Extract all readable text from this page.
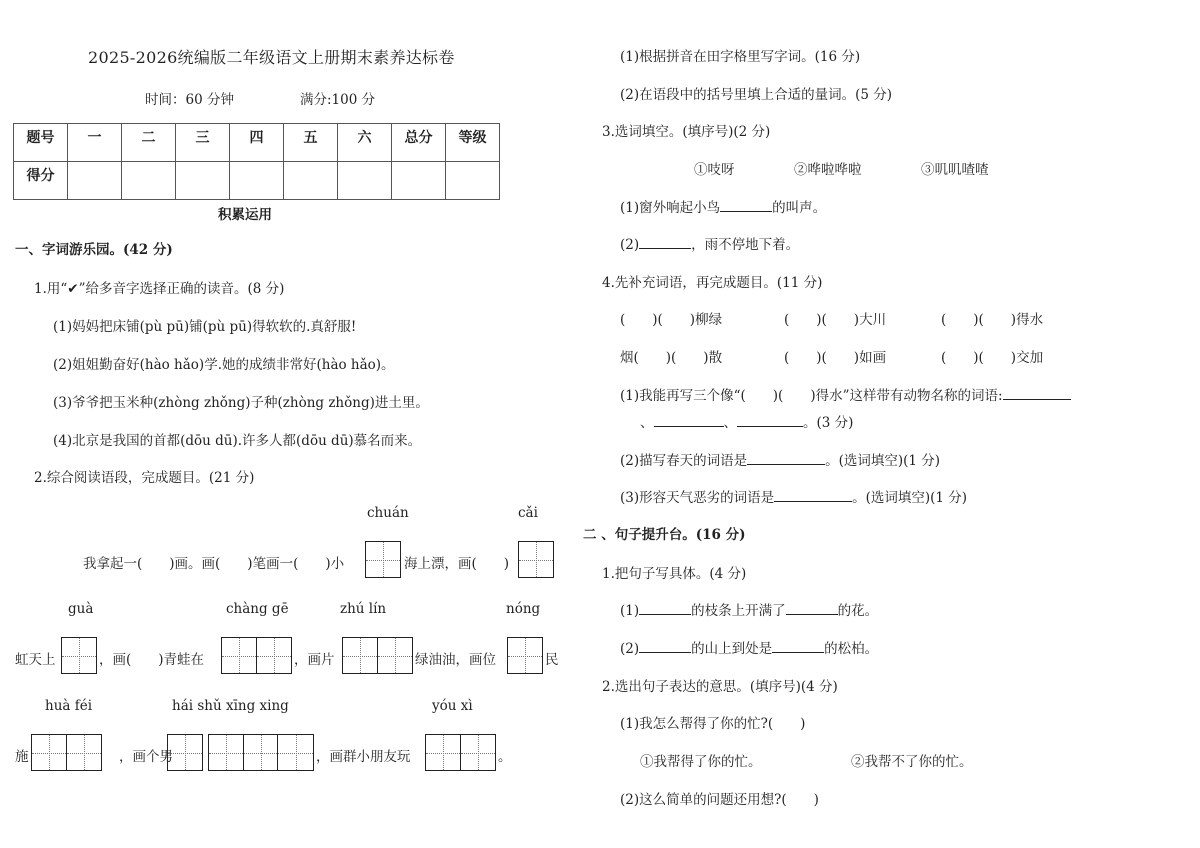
2025-2026统编版二年级语文上册期末素养达标卷
时间：60 分钟	满分:100 分
题号	一	二	三	四	五	六	总分	等级
得分								
积累运用
一、字词游乐园。(42 分)
1.用“✔”给多音字选择正确的读音。(8 分)
(1)妈妈把床铺(pù pū)铺(pù pū)得软软的.真舒服!
(2)姐姐勤奋好(hào hǎo)学.她的成绩非常好(hào hǎo)。
(3)爷爷把玉米种(zhòng zhǒng)子种(zhòng zhǒng)进土里。
(4)北京是我国的首都(dōu dū).许多人都(dōu dū)慕名而来。
2.综合阅读语段，完成题目。(21 分)
chuán	cǎi
我拿起一(　　)画。画(　　)笔画一(　　)小	海上漂，画(　　)
guà	chàng gē	zhú lín	nóng
虹天上	，画(　　)青蛙在	，画片	绿油油，画位	民
huà féi	hái shǔ xīng xing	yóu xì
施	，画个男	，画群小朋友玩	。
(1)根据拼音在田字格里写字词。(16 分)
(2)在语段中的括号里填上合适的量词。(5 分)
3.选词填空。(填序号)(2 分)
①吱呀	②哗啦哗啦	③叽叽喳喳
(1)窗外响起小鸟	的叫声。
(2)	，雨不停地下着。
4.先补充词语，再完成题目。(11 分)
(　　)(　　)柳绿	(　　)(　　)大川	(　　)(　　)得水
烟(　　)(　　)散	(　　)(　　)如画	(　　)(　　)交加
(1)我能再写三个像“(　　)(　　)得水”这样带有动物名称的词语:
、	、	。(3 分)
(2)描写春天的词语是	。(选词填空)(1 分)
(3)形容天气恶劣的词语是	。(选词填空)(1 分)
二 、句子提升台。(16 分)
1.把句子写具体。(4 分)
(1)	的枝条上开满了	的花。
(2)	的山上到处是	的松柏。
2.选出句子表达的意思。(填序号)(4 分)
(1)我怎么帮得了你的忙?(　　)
①我帮得了你的忙。	②我帮不了你的忙。
(2)这么简单的问题还用想?(　　)
